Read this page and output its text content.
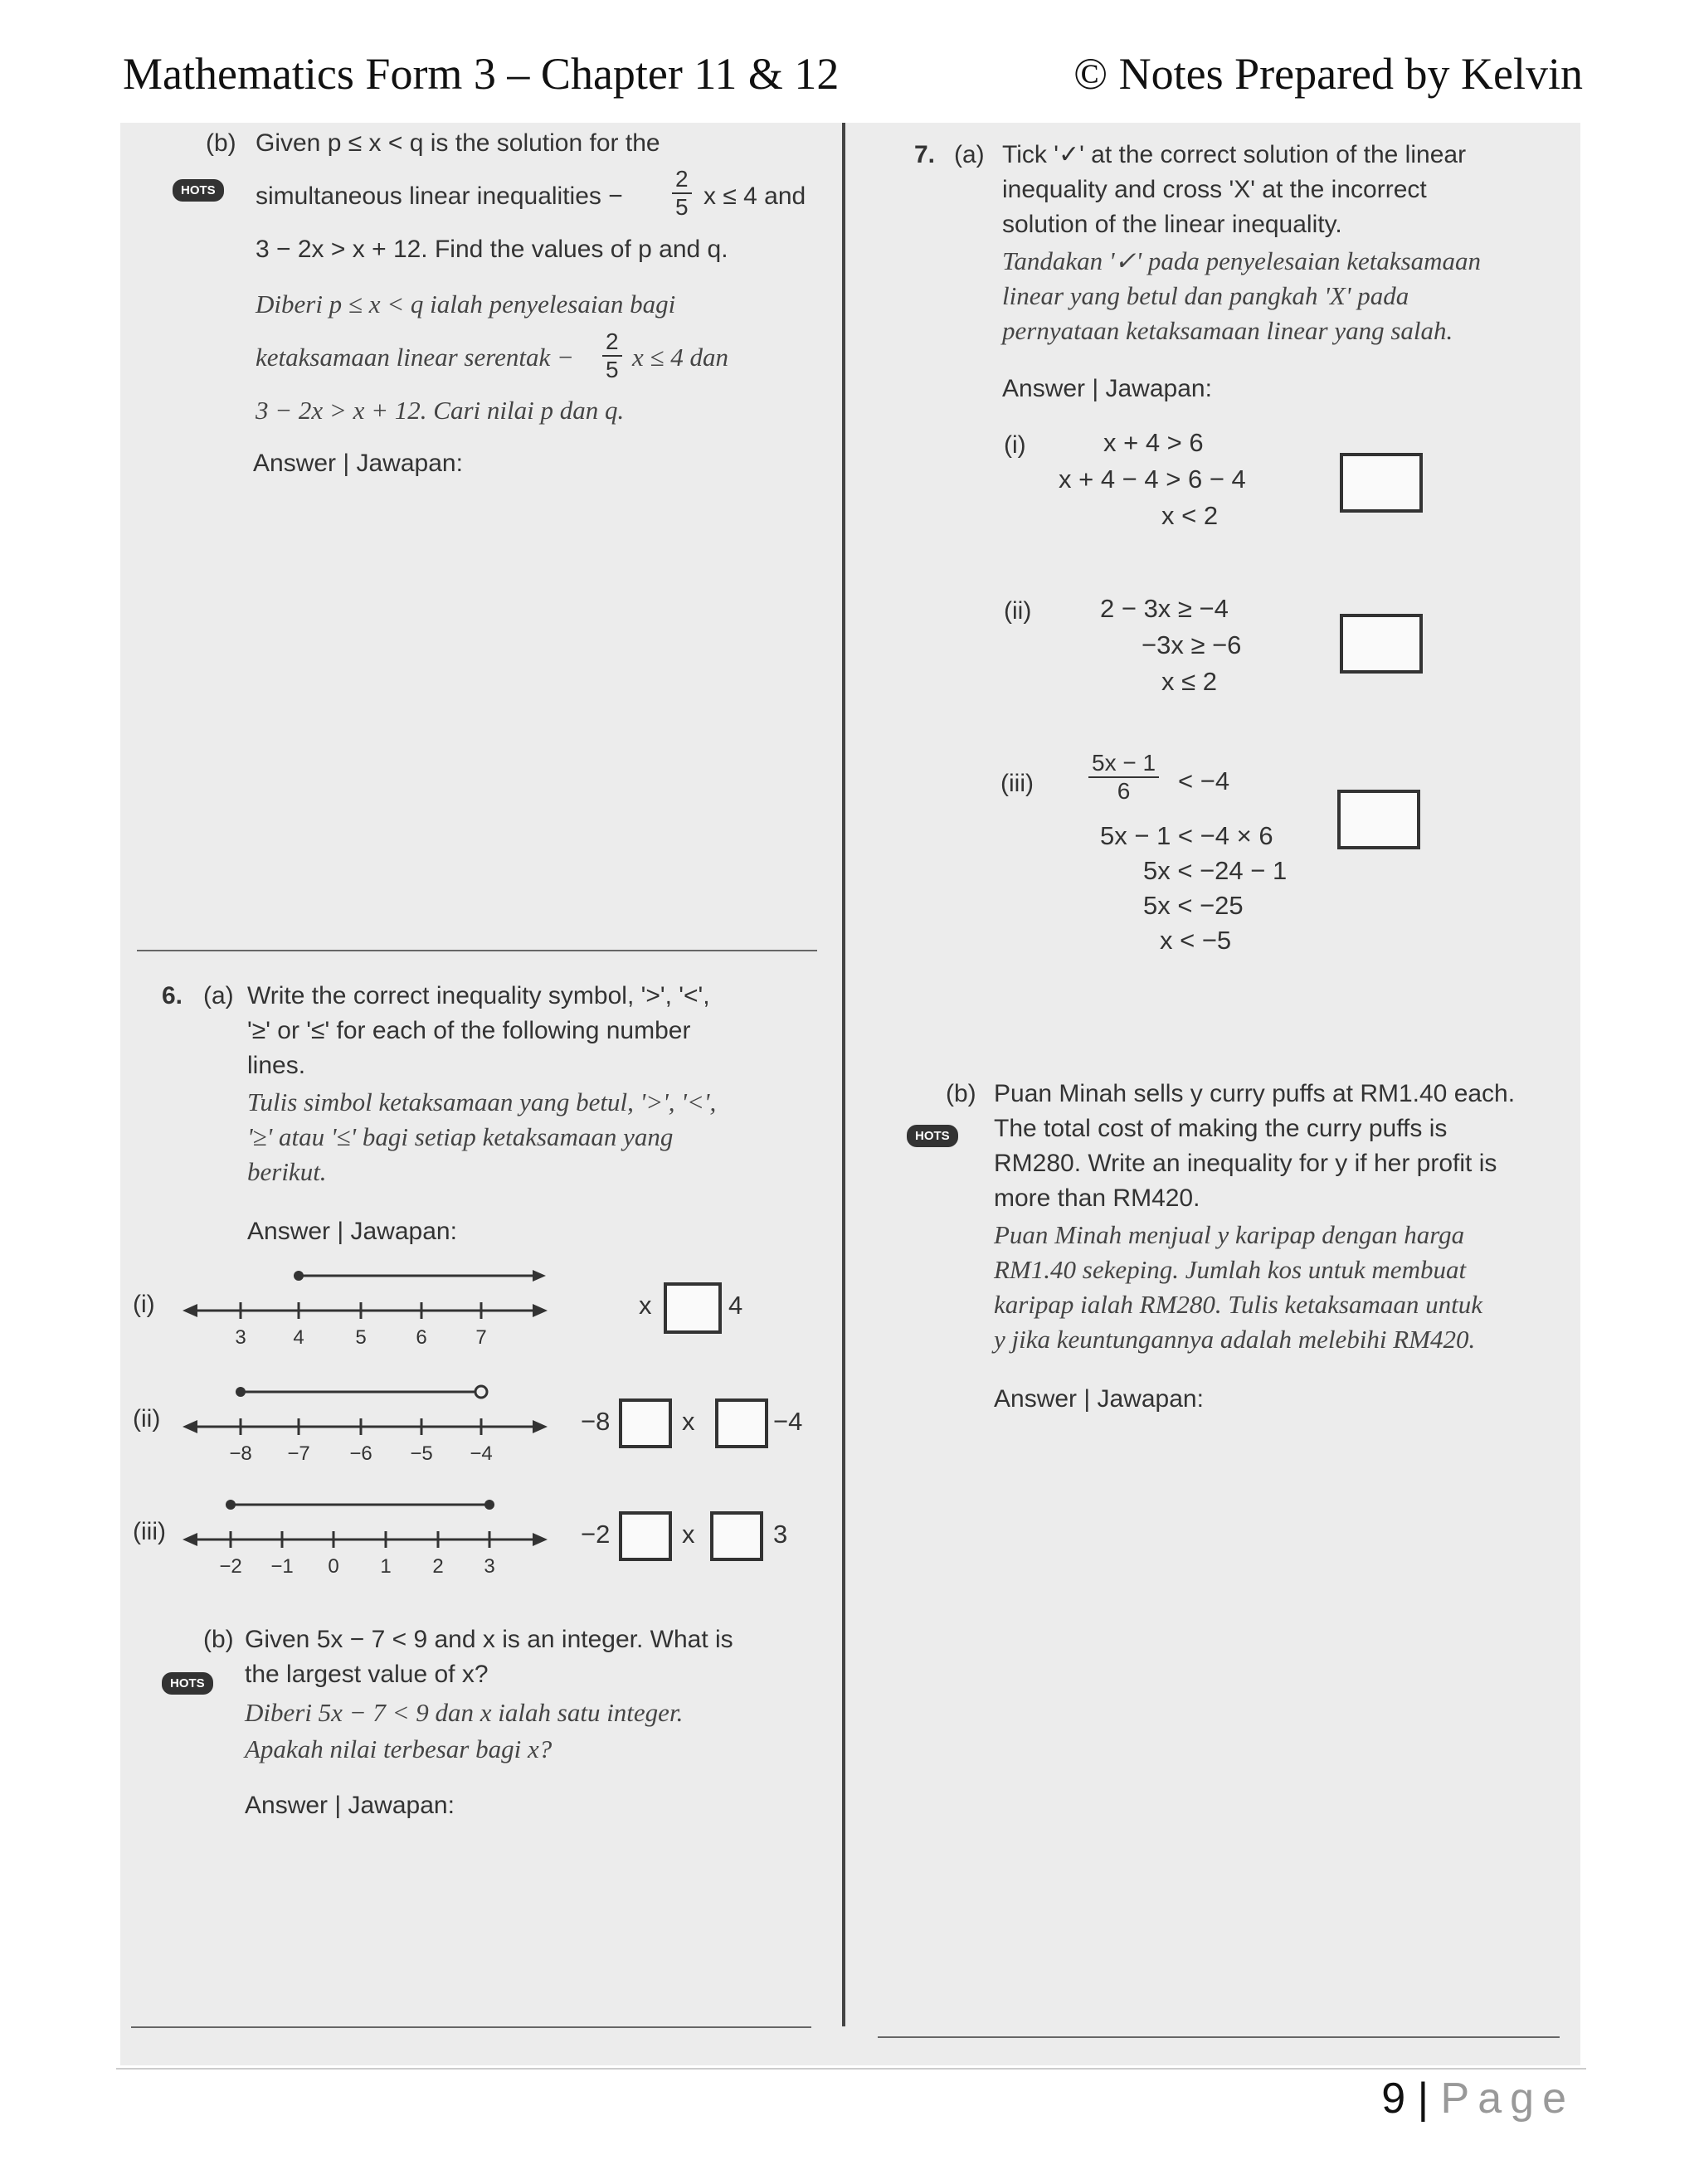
Mathematics Form 3 – Chapter 11 & 12	© Notes Prepared by Kelvin
(b) Given p ≤ x < q is the solution for the
HOTS	simultaneous linear inequalities − $\frac{2}{5}$ x ≤ 4 and
3 − 2x > x + 12. Find the values of p and q.
Diberi p ≤ x < q ialah penyelesaian bagi
ketaksamaan linear serentak − $\frac{2}{5}$ x ≤ 4 dan
3 − 2x > x + 12. Cari nilai p dan q.
Answer | Jawapan:
6. (a) Write the correct inequality symbol, '>', '<',
'≥' or '≤' for each of the following number
lines.
Tulis simbol ketaksamaan yang betul, '>', '<',
'≥' atau '≤' bagi setiap ketaksamaan yang
berikut.
Answer | Jawapan:
(i)
3 4	5 6 7
x	4
(ii)
−8 −7 −6 −5 −4
−8	x	−4
(iii)
−2 −1 0 1 2 3
−2	x	3
(b) Given 5x − 7 < 9 and x is an integer. What is
HOTS	the largest value of x?
Diberi 5x − 7 < 9 dan x ialah satu integer.
Apakah nilai terbesar bagi x?
Answer | Jawapan:
7. (a) Tick '✓' at the correct solution of the linear
inequality and cross 'X' at the incorrect
solution of the linear inequality.
Tandakan '✓' pada penyelesaian ketaksamaan
linear yang betul dan pangkah 'X' pada
pernyataan ketaksamaan linear yang salah.
Answer | Jawapan:
(i)	x + 4 > 6
x + 4 − 4 > 6 − 4
x < 2
(ii)	2 − 3x ≥ −4
−3x ≥ −6
x ≤ 2
$(iii) \frac{5x - 1}{6} < -4$
5x − 1 < −4 × 6
5x < −24 − 1
5x < −25
x < −5
(b) Puan Minah sells y curry puffs at RM1.40 each.
HOTS	The total cost of making the curry puffs is
RM280. Write an inequality for y if her profit is
more than RM420.
Puan Minah menjual y karipap dengan harga
RM1.40 sekeping. Jumlah kos untuk membuat
karipap ialah RM280. Tulis ketaksamaan untuk
y jika keuntungannya adalah melebihi RM420.
Answer | Jawapan:
9 | Page
